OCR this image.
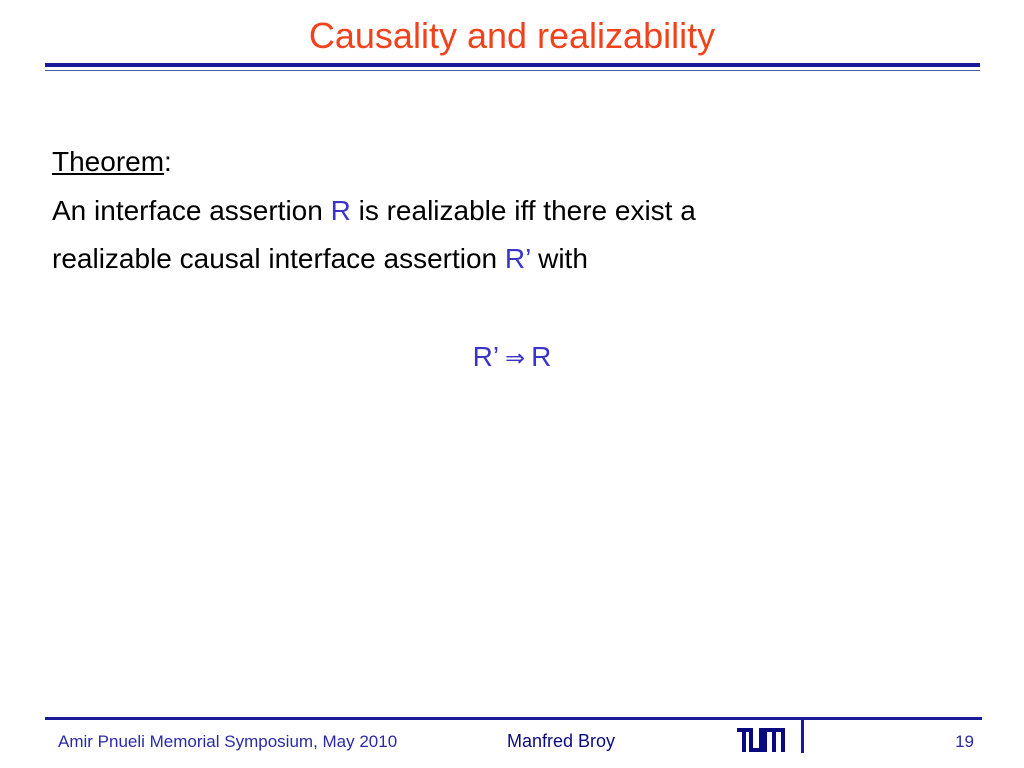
Causality and realizability
Theorem:
An interface assertion R is realizable iff there exist a
realizable causal interface assertion R’ with
R’ ⇒ R
Amir Pnueli Memorial Symposium, May 2010	Manfred Broy	19
